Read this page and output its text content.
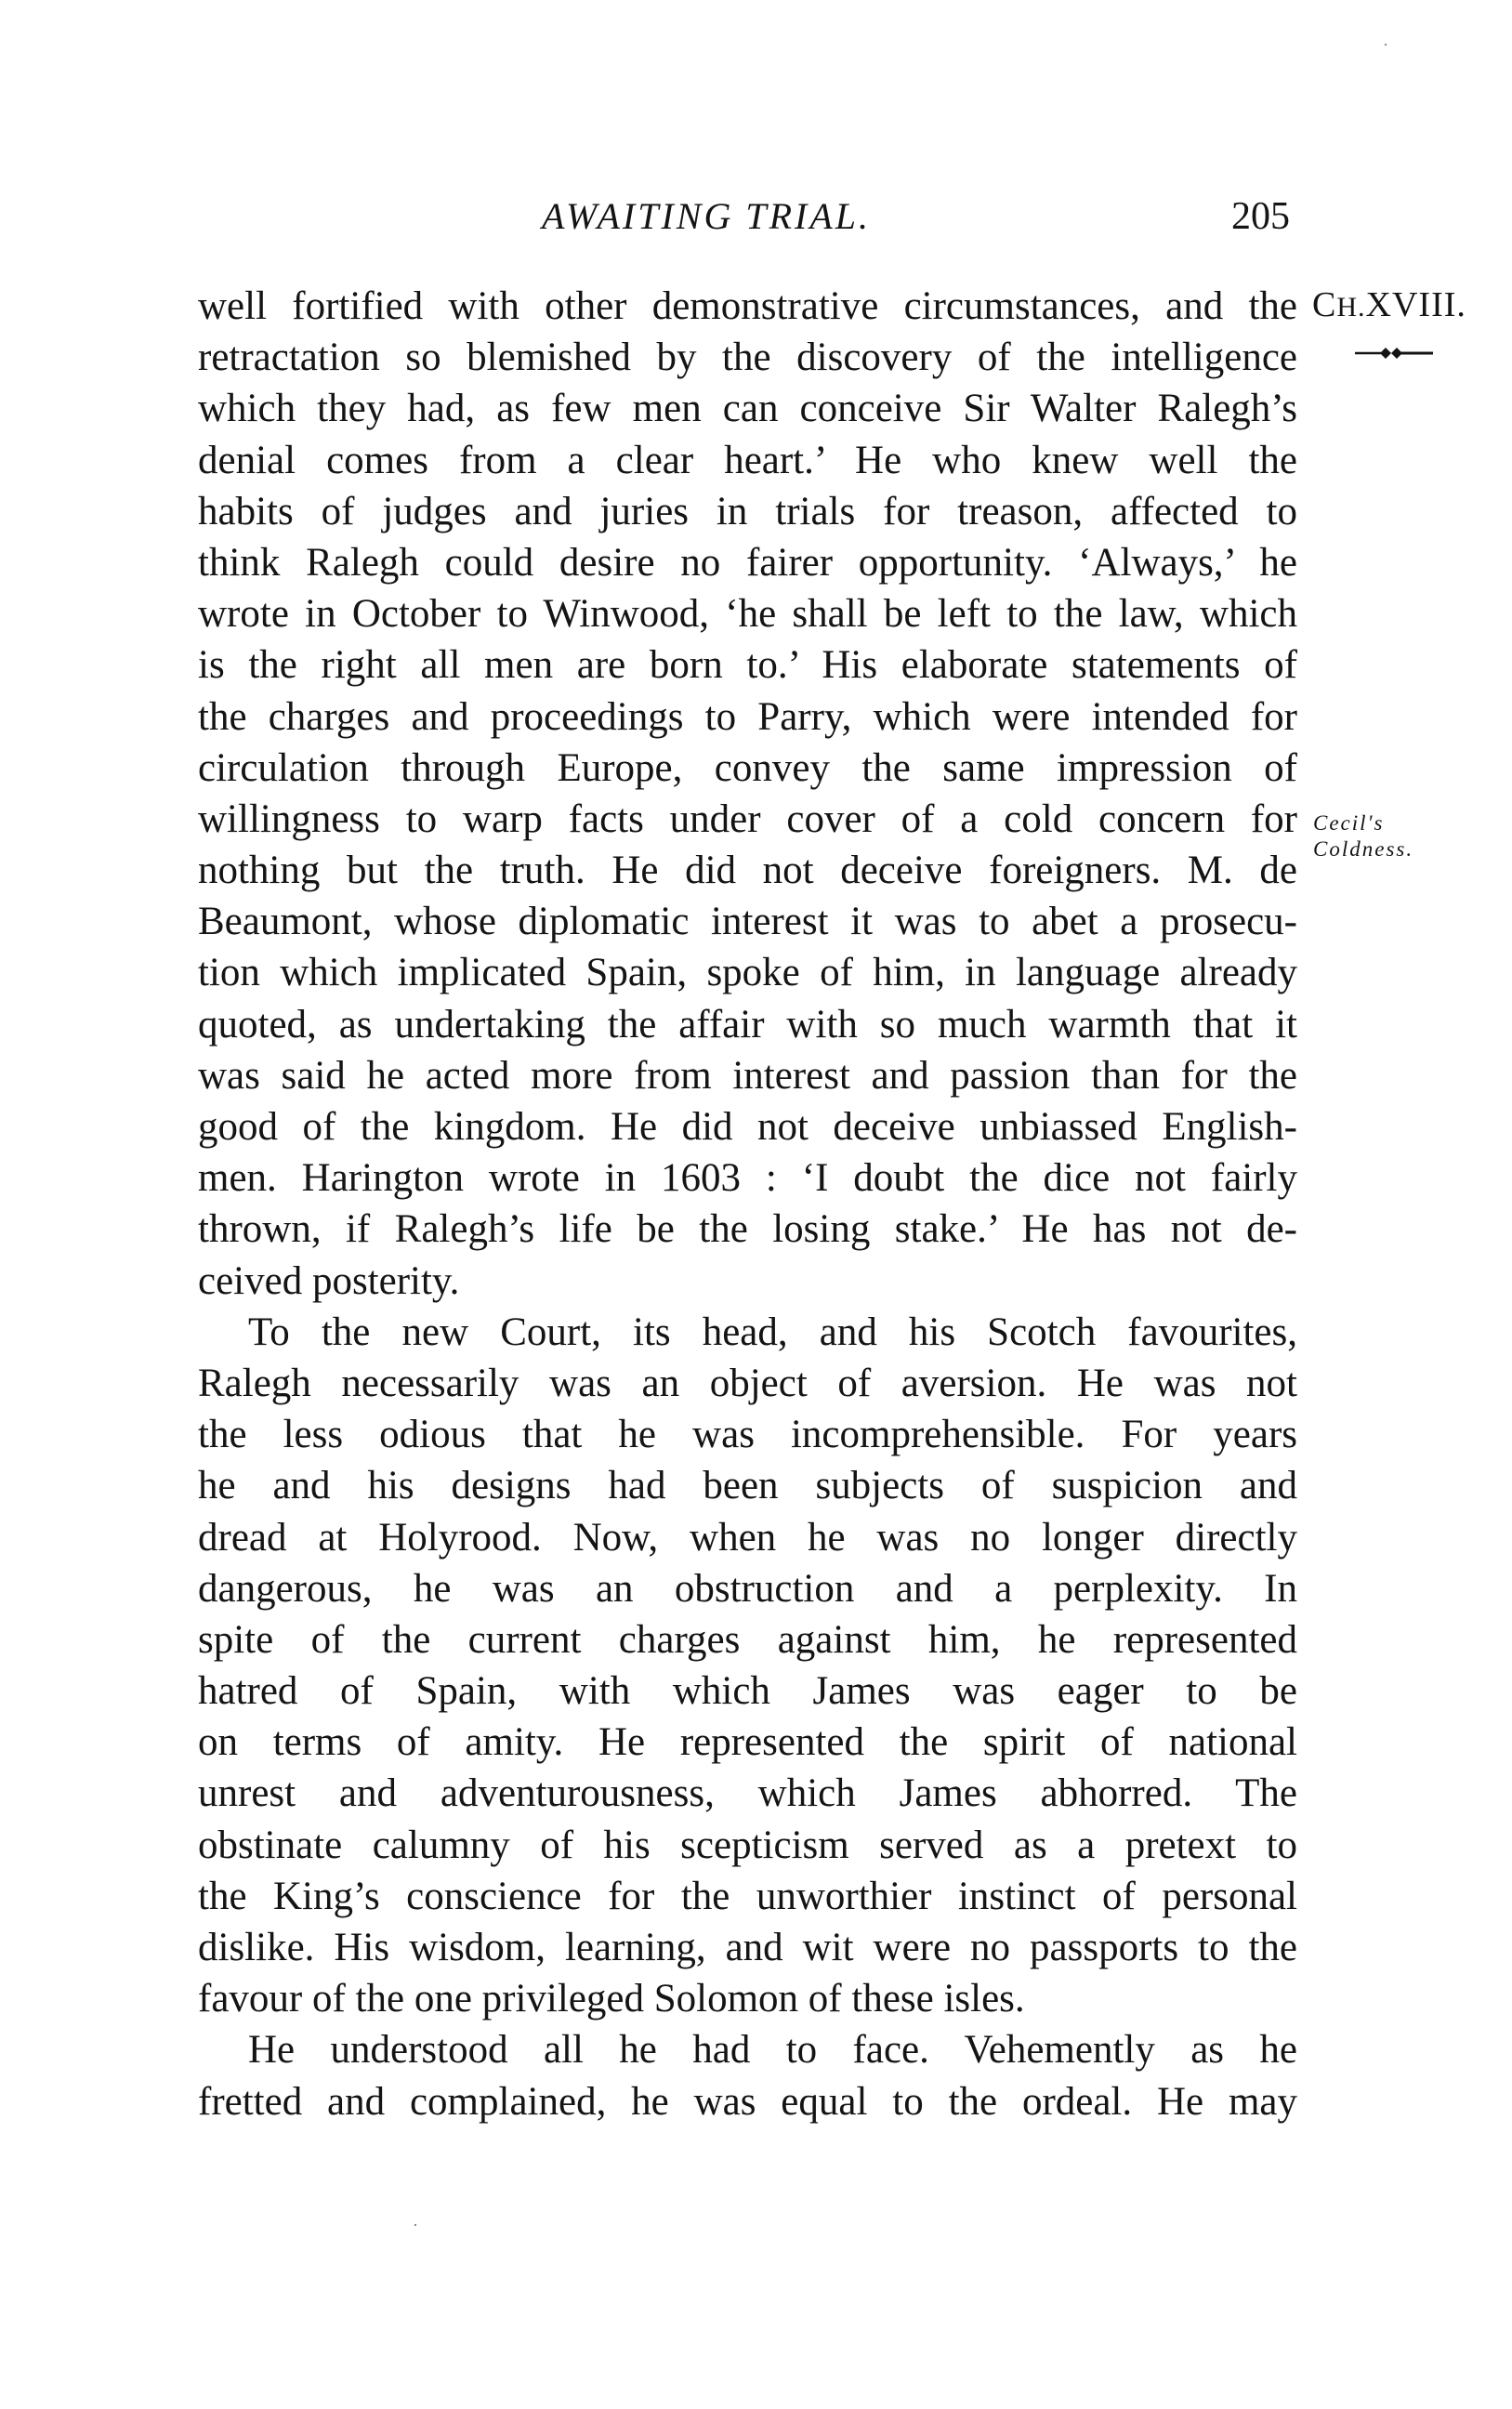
AWAITING TRIAL.	205
CH.XVIII.
Cecil's
Coldness.
well fortified with other demonstrative circumstances, and the
retractation so blemished by the discovery of the intelligence
which they had, as few men can conceive Sir Walter Ralegh’s
denial comes from a clear heart.’ He who knew well the
habits of judges and juries in trials for treason, affected to
think Ralegh could desire no fairer opportunity. ‘Always,’ he
wrote in October to Winwood, ‘he shall be left to the law, which
is the right all men are born to.’ His elaborate statements of
the charges and proceedings to Parry, which were intended for
circulation through Europe, convey the same impression of
willingness to warp facts under cover of a cold concern for
nothing but the truth. He did not deceive foreigners. M. de
Beaumont, whose diplomatic interest it was to abet a prosecu-
tion which implicated Spain, spoke of him, in language already
quoted, as undertaking the affair with so much warmth that it
was said he acted more from interest and passion than for the
good of the kingdom. He did not deceive unbiassed English-
men. Harington wrote in 1603 : ‘I doubt the dice not fairly
thrown, if Ralegh’s life be the losing stake.’ He has not de-
ceived posterity.
To the new Court, its head, and his Scotch favourites,
Ralegh necessarily was an object of aversion. He was not
the less odious that he was incomprehensible. For years
he and his designs had been subjects of suspicion and
dread at Holyrood. Now, when he was no longer directly
dangerous, he was an obstruction and a perplexity. In
spite of the current charges against him, he represented
hatred of Spain, with which James was eager to be
on terms of amity. He represented the spirit of national
unrest and adventurousness, which James abhorred. The
obstinate calumny of his scepticism served as a pretext to
the King’s conscience for the unworthier instinct of personal
dislike. His wisdom, learning, and wit were no passports to the
favour of the one privileged Solomon of these isles.
He understood all he had to face. Vehemently as he
fretted and complained, he was equal to the ordeal. He may
